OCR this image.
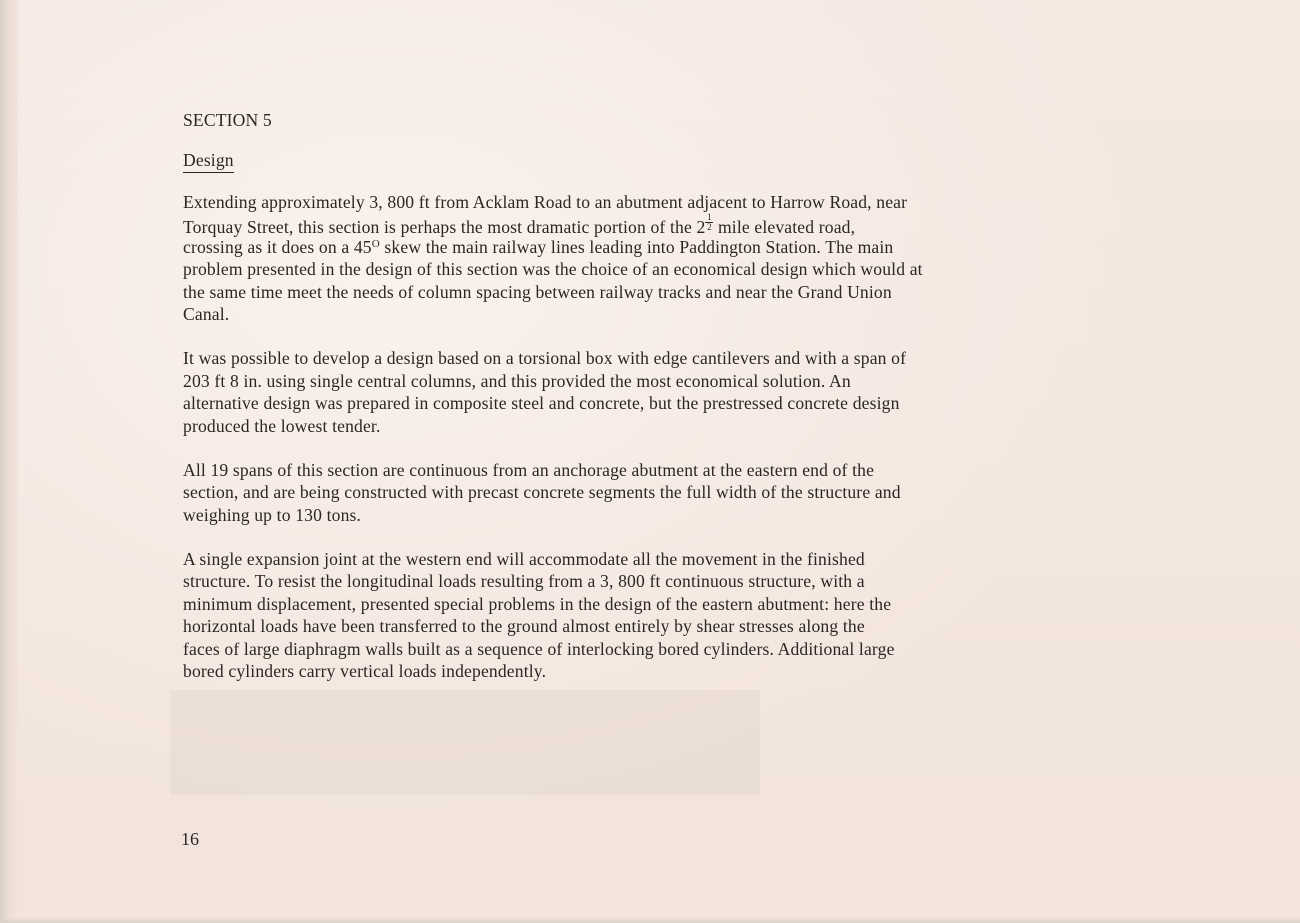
SECTION 5
Design

Extending approximately 3, 800 ft from Acklam Road to an abutment adjacent to Harrow Road, near
Torquay Street, this section is perhaps the most dramatic portion of the $2 \frac{1}{2}$ mile elevated road,
crossing as it does on a $45^O$ skew the main railway lines leading into Paddington Station. The main
problem presented in the design of this section was the choice of an economical design which would at
the same time meet the needs of column spacing between railway tracks and near the Grand Union
Canal.

It was possible to develop a design based on a torsional box with edge cantilevers and with a span of
203 ft 8 in. using single central columns, and this provided the most economical solution. An
alternative design was prepared in composite steel and concrete, but the prestressed concrete design
produced the lowest tender.

All 19 spans of this section are continuous from an anchorage abutment at the eastern end of the
section, and are being constructed with precast concrete segments the full width of the structure and
weighing up to 130 tons.

A single expansion joint at the western end will accommodate all the movement in the finished
structure. To resist the longitudinal loads resulting from a 3, 800 ft continuous structure, with a
minimum displacement, presented special problems in the design of the eastern abutment: here the
horizontal loads have been transferred to the ground almost entirely by shear stresses along the
faces of large diaphragm walls built as a sequence of interlocking bored cylinders. Additional large
bored cylinders carry vertical loads independently.

16
